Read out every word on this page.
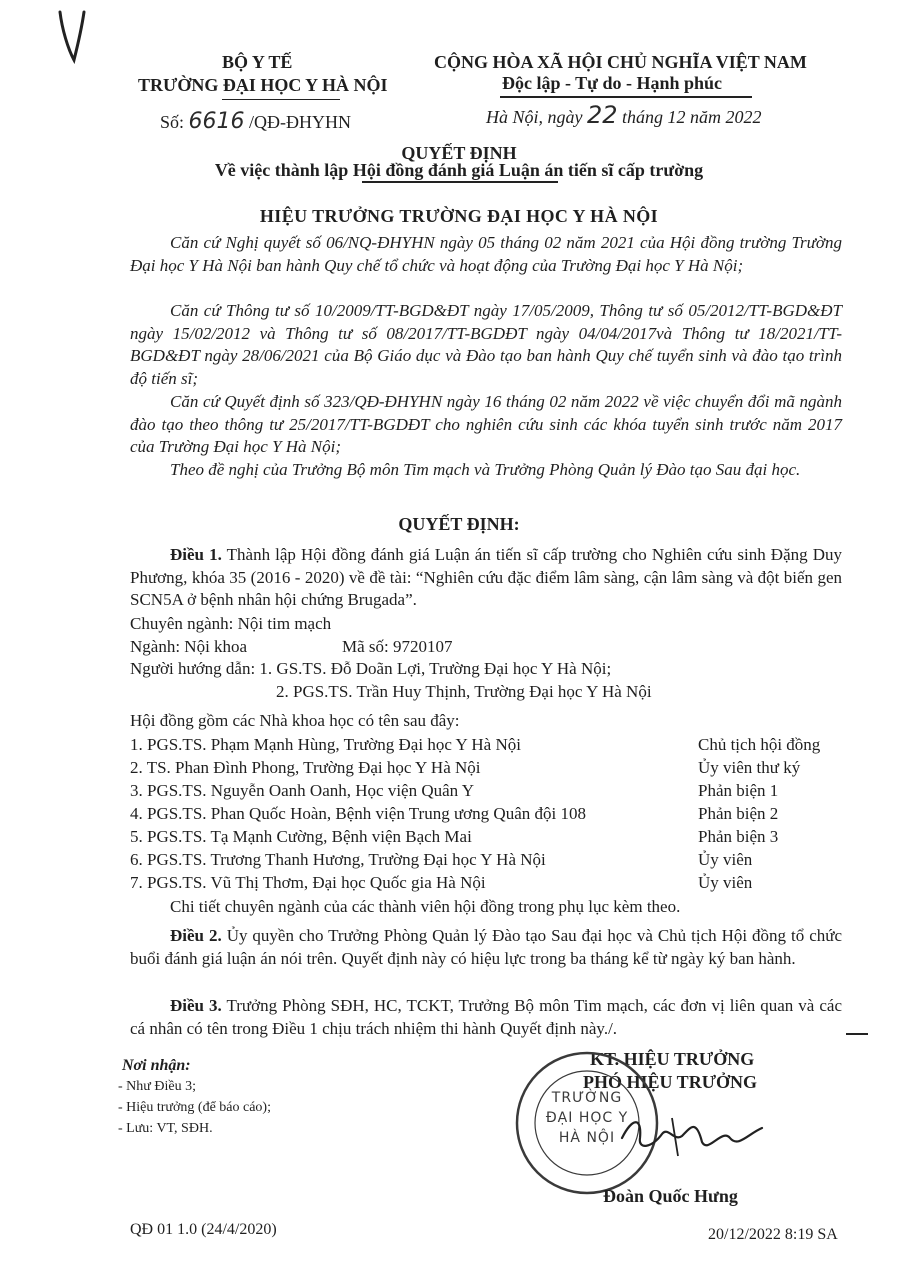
BỘ Y TẾ
TRƯỜNG ĐẠI HỌC Y HÀ NỘI
Số: 6616 /QĐ-ĐHYHN
CỘNG HÒA XÃ HỘI CHỦ NGHĨA VIỆT NAM
Độc lập - Tự do - Hạnh phúc
Hà Nội, ngày 22 tháng 12 năm 2022
QUYẾT ĐỊNH
Về việc thành lập Hội đồng đánh giá Luận án tiến sĩ cấp trường
HIỆU TRƯỞNG TRƯỜNG ĐẠI HỌC Y HÀ NỘI
Căn cứ Nghị quyết số 06/NQ-ĐHYHN ngày 05 tháng 02 năm 2021 của Hội đồng trường Trường Đại học Y Hà Nội ban hành Quy chế tổ chức và hoạt động của Trường Đại học Y Hà Nội;
Căn cứ Thông tư số 10/2009/TT-BGD&ĐT ngày 17/05/2009, Thông tư số 05/2012/TT-BGD&ĐT ngày 15/02/2012 và Thông tư số 08/2017/TT-BGDĐT ngày 04/04/2017và Thông tư 18/2021/TT-BGD&ĐT ngày 28/06/2021 của Bộ Giáo dục và Đào tạo ban hành Quy chế tuyển sinh và đào tạo trình độ tiến sĩ;
Căn cứ Quyết định số 323/QĐ-ĐHYHN ngày 16 tháng 02 năm 2022 về việc chuyển đổi mã ngành đào tạo theo thông tư 25/2017/TT-BGDĐT cho nghiên cứu sinh các khóa tuyển sinh trước năm 2017 của Trường Đại học Y Hà Nội;
Theo đề nghị của Trưởng Bộ môn Tim mạch và Trưởng Phòng Quản lý Đào tạo Sau đại học.
QUYẾT ĐỊNH:
Điều 1. Thành lập Hội đồng đánh giá Luận án tiến sĩ cấp trường cho Nghiên cứu sinh Đặng Duy Phương, khóa 35 (2016 - 2020) về đề tài: “Nghiên cứu đặc điểm lâm sàng, cận lâm sàng và đột biến gen SCN5A ở bệnh nhân hội chứng Brugada”.
Chuyên ngành: Nội tim mạch
Ngành: Nội khoa	Mã số: 9720107
Người hướng dẫn: 1. GS.TS. Đỗ Doãn Lợi, Trường Đại học Y Hà Nội;
2. PGS.TS. Trần Huy Thịnh, Trường Đại học Y Hà Nội
Hội đồng gồm các Nhà khoa học có tên sau đây:
1. PGS.TS. Phạm Mạnh Hùng, Trường Đại học Y Hà Nội	Chủ tịch hội đồng
2. TS. Phan Đình Phong, Trường Đại học Y Hà Nội	Ủy viên thư ký
3. PGS.TS. Nguyễn Oanh Oanh, Học viện Quân Y	Phản biện 1
4. PGS.TS. Phan Quốc Hoàn, Bệnh viện Trung ương Quân đội 108	Phản biện 2
5. PGS.TS. Tạ Mạnh Cường, Bệnh viện Bạch Mai	Phản biện 3
6. PGS.TS. Trương Thanh Hương, Trường Đại học Y Hà Nội	Ủy viên
7. PGS.TS. Vũ Thị Thơm, Đại học Quốc gia Hà Nội	Ủy viên
Chi tiết chuyên ngành của các thành viên hội đồng trong phụ lục kèm theo.
Điều 2. Ủy quyền cho Trưởng Phòng Quản lý Đào tạo Sau đại học và Chủ tịch Hội đồng tổ chức buổi đánh giá luận án nói trên. Quyết định này có hiệu lực trong ba tháng kể từ ngày ký ban hành.
Điều 3. Trưởng Phòng SĐH, HC, TCKT, Trưởng Bộ môn Tim mạch, các đơn vị liên quan và các cá nhân có tên trong Điều 1 chịu trách nhiệm thi hành Quyết định này./.
Nơi nhận:
- Như Điều 3;
- Hiệu trưởng (để báo cáo);
- Lưu: VT, SĐH.
KT. HIỆU TRƯỞNG
PHÓ HIỆU TRƯỞNG
TRƯỜNG
ĐẠI HỌC Y
HÀ NỘI
Đoàn Quốc Hưng
QĐ 01 1.0 (24/4/2020)	20/12/2022 8:19 SA
